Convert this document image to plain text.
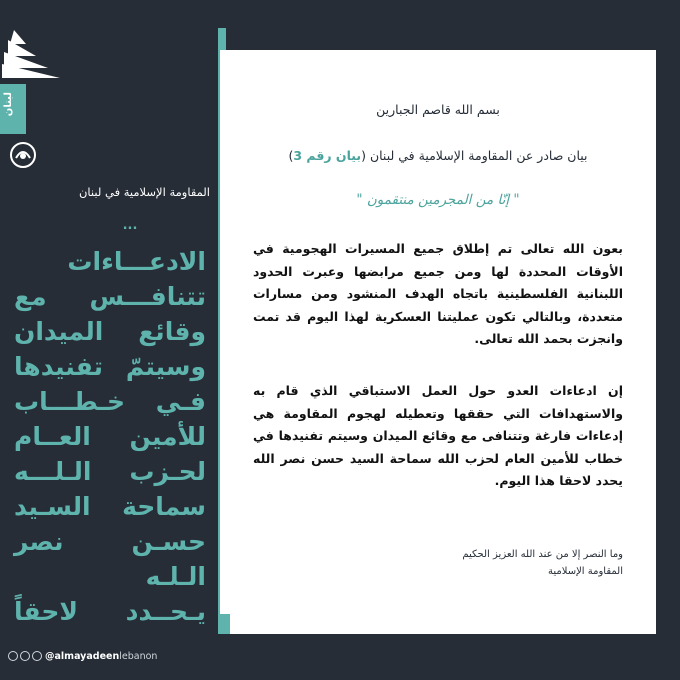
لبنان
المقاومة الإسلامية في لبنان
...
الادعـــاءات
تتنافـــس مع
وقائع الميدان
وسيتمّ تفنيدها
فـي خـطـــاب
للأمين العــام
لحـزب الـلـــه
سماحة السـيد
حسـن نصر الـلـه
يـحــدد لاحقاً
@almayadeenlebanon
بسم الله قاصم الجبارين
بيان صادر عن المقاومة الإسلامية في لبنان (بيان رقم 3)
" إنّا من المجرمين منتقمون "
بعون الله تعالى تم إطلاق جميع المسيرات الهجومية في الأوقات المحددة لها ومن جميع مرابضها وعبرت الحدود اللبنانية الفلسطينية باتجاه الهدف المنشود ومن مسارات متعددة، وبالتالي تكون عمليتنا العسكرية لهذا اليوم قد تمت وانجزت بحمد الله تعالى.
إن ادعاءات العدو حول العمل الاستباقي الذي قام به والاستهدافات التي حققها وتعطيله لهجوم المقاومة هي إدعاءات فارغة وتتنافى مع وقائع الميدان وسيتم تفنيدها في خطاب للأمين العام لحزب الله سماحة السيد حسن نصر الله يحدد لاحقا هذا اليوم.
وما النصر إلا من عند الله العزيز الحكيم
المقاومة الإسلامية
